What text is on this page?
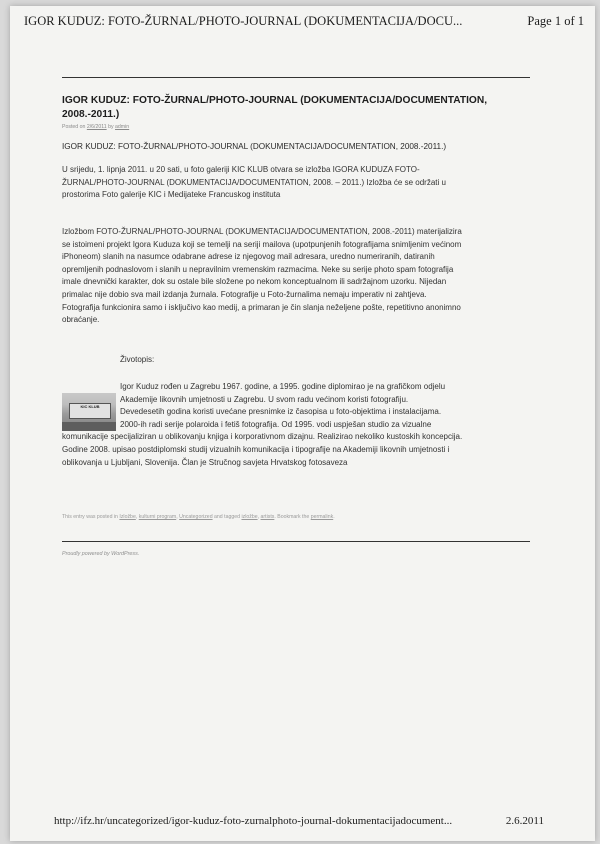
IGOR KUDUZ: FOTO-ŽURNAL/PHOTO-JOURNAL (DOKUMENTACIJA/DOCU...	Page 1 of 1
IGOR KUDUZ: FOTO-ŽURNAL/PHOTO-JOURNAL (DOKUMENTACIJA/DOCUMENTATION, 2008.-2011.)
Posted on 2/6/2011 by admin
IGOR KUDUZ: FOTO-ŽURNAL/PHOTO-JOURNAL (DOKUMENTACIJA/DOCUMENTATION, 2008.-2011.)
U srijedu, 1. lipnja 2011. u 20 sati, u foto galeriji KIC KLUB otvara se izložba IGORA KUDUZA FOTO-
ŽURNAL/PHOTO-JOURNAL (DOKUMENTACIJA/DOCUMENTATION, 2008. – 2011.) Izložba će se održati u
prostorima Foto galerije KIC i Medijateke Francuskog instituta
Izložbom FOTO-ŽURNAL/PHOTO-JOURNAL (DOKUMENTACIJA/DOCUMENTATION, 2008.-2011) materijalizira
se istoimeni projekt Igora Kuduza koji se temelji na seriji mailova (upotpunjenih fotografijama snimljenim većinom
iPhoneom) slanih na nasumce odabrane adrese iz njegovog mail adresara, uredno numeriranih, datiranih
opremljenih podnaslovom i slanih u nepravilnim vremenskim razmacima. Neke su serije photo spam fotografija
imale dnevnički karakter, dok su ostale bile složene po nekom konceptualnom ili sadržajnom uzorku. Nijedan
primalac nije dobio sva mail izdanja žurnala. Fotografije u Foto-žurnalima nemaju imperativ ni zahtjeva.
Fotografija funkcionira samo i isključivo kao medij, a primaran je čin slanja neželjene pošte, repetitivno anonimno
obraćanje.
Životopis:
KIC KLUB
Igor Kuduz rođen u Zagrebu 1967. godine, a 1995. godine diplomirao je na grafičkom odjelu
Akademije likovnih umjetnosti u Zagrebu. U svom radu većinom koristi fotografiju.
Devedesetih godina koristi uvećane presnimke iz časopisa u foto-objektima i instalacijama.
2000-ih radi serije polaroida i fetiš fotografija. Od 1995. vodi uspješan studio za vizualne
komunikacije specijaliziran u oblikovanju knjiga i korporativnom dizajnu. Realizirao nekoliko kustoskih koncepcija.
Godine 2008. upisao postdiplomski studij vizualnih komunikacija i tipografije na Akademiji likovnih umjetnosti i
oblikovanja u Ljubljani, Slovenija. Član je Stručnog savjeta Hrvatskog fotosaveza
This entry was posted in Izložbe, kulturni program, Uncategorized and tagged izložbe, artists. Bookmark the permalink.
Proudly powered by WordPress.
http://ifz.hr/uncategorized/igor-kuduz-foto-zurnalphoto-journal-dokumentacijadocument...	2.6.2011
